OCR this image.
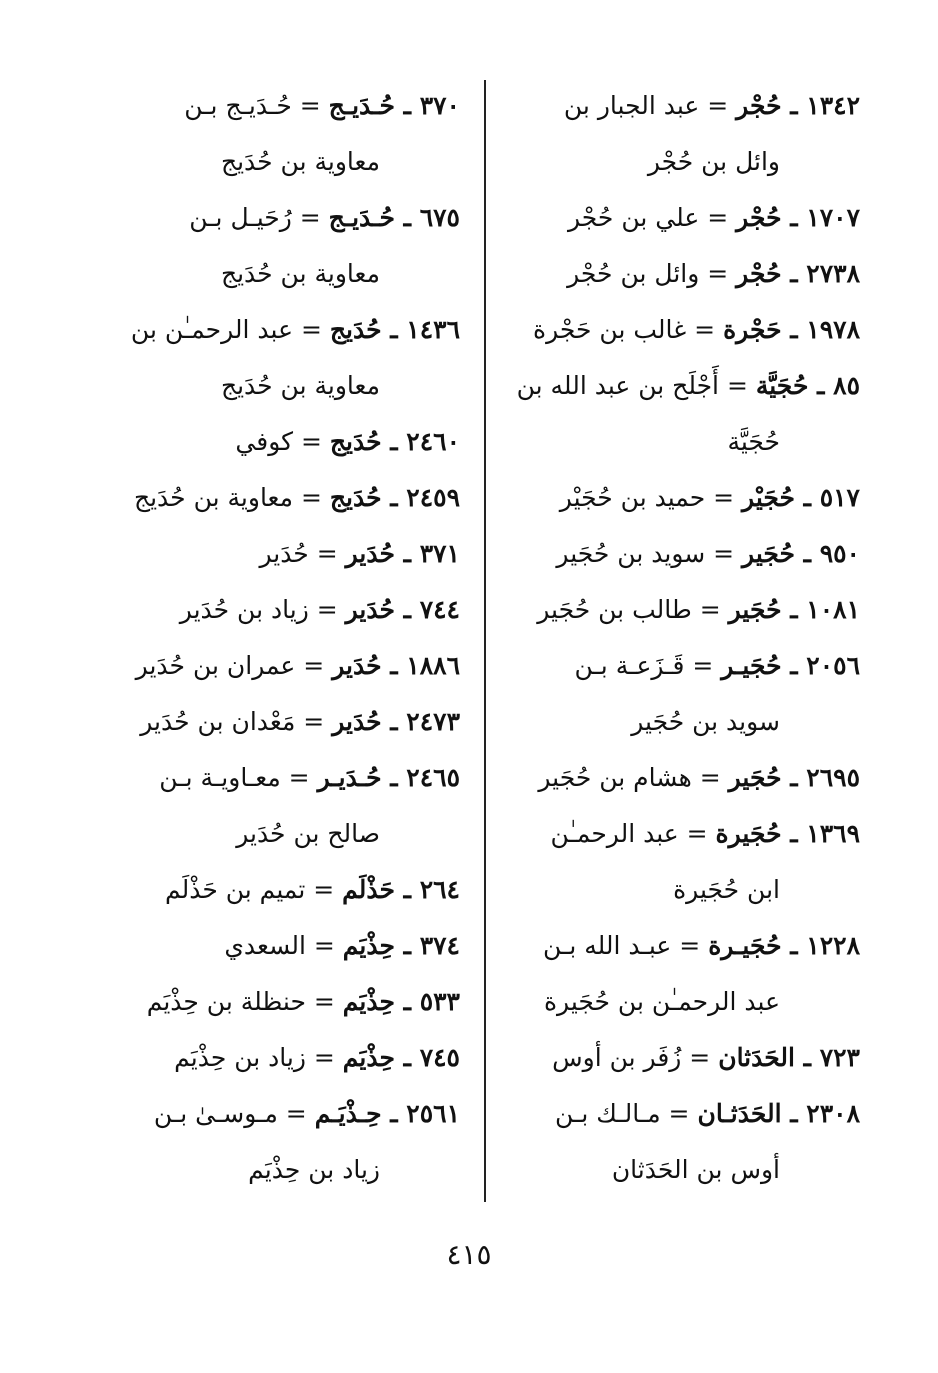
١٣٤٢ ـ حُجْر = عبد الجبار بن
وائل بن حُجْر
١٧٠٧ ـ حُجْر = علي بن حُجْر
٢٧٣٨ ـ حُجْر = وائل بن حُجْر
١٩٧٨ ـ حَجْرة = غالب بن حَجْرة
٨٥ ـ حُجَيَّة = أَجْلَح بن عبد الله بن
حُجَيَّة
٥١٧ ـ حُجَيْر = حميد بن حُجَيْر
٩٥٠ ـ حُجَير = سويد بن حُجَير
١٠٨١ ـ حُجَير = طالب بن حُجَير
٢٠٥٦ ـ حُجَيـر = قَـزَعـة بـن
سويد بن حُجَير
٢٦٩٥ ـ حُجَير = هشام بن حُجَير
١٣٦٩ ـ حُجَيرة = عبد الرحمـٰن
ابن حُجَيرة
١٢٢٨ ـ حُجَيـرة = عبـد الله بـن
عبد الرحمـٰن بن حُجَيرة
٧٢٣ ـ الحَدَثان = زُفَر بن أوس
٢٣٠٨ ـ الحَدَثـان = مـالـك بـن
أوس بن الحَدَثان
٣٧٠ ـ حُـدَيـج = حُـدَيـج بـن
معاوية بن حُدَيج
٦٧٥ ـ حُـدَيـج = رُحَيـل بـن
معاوية بن حُدَيج
١٤٣٦ ـ حُدَيج = عبد الرحمـٰن بن
معاوية بن حُدَيج
٢٤٦٠ ـ حُدَيج = كوفي
٢٤٥٩ ـ حُدَيج = معاوية بن حُدَيج
٣٧١ ـ حُدَير = حُدَير
٧٤٤ ـ حُدَير = زياد بن حُدَير
١٨٨٦ ـ حُدَير = عمران بن حُدَير
٢٤٧٣ ـ حُدَير = مَعْدان بن حُدَير
٢٤٦٥ ـ حُـدَيـر = معـاويـة بـن
صالح بن حُدَير
٢٦٤ ـ حَذْلَم = تميم بن حَذْلَم
٣٧٤ ـ حِذْيَم = السعدي
٥٣٣ ـ حِذْيَم = حنظلة بن حِذْيَم
٧٤٥ ـ حِذْيَم = زياد بن حِذْيَم
٢٥٦١ ـ حِـذْيَـم = مـوسـىٰ بـن
زياد بن حِذْيَم
٤١٥
